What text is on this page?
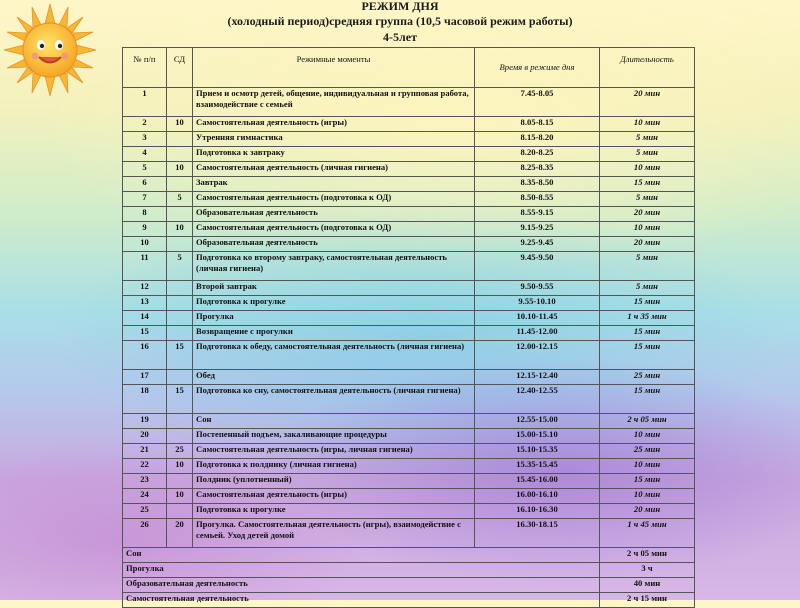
РЕЖИМ ДНЯ
(холодный период)средняя группа (10,5 часовой режим работы)
4-5лет
№ п/п	СД	Режимные моменты	Время в режиме дня	Длительность
1		Прием и осмотр детей, общение, индивидуальная и групповая работа, взаимодействие с семьей	7.45-8.05	20 мин
2	10	Самостоятельная деятельность (игры)	8.05-8.15	10 мин
3		Утренняя гимнастика	8.15-8.20	5 мин
4		Подготовка к завтраку	8.20-8.25	5 мин
5	10	Самостоятельная деятельность (личная гигиена)	8.25-8.35	10 мин
6		Завтрак	8.35-8.50	15 мин
7	5	Самостоятельная деятельность (подготовка к ОД)	8.50-8.55	5 мин
8		Образовательная деятельность	8.55-9.15	20 мин
9	10	Самостоятельная деятельность (подготовка к ОД)	9.15-9.25	10 мин
10		Образовательная деятельность	9.25-9.45	20 мин
11	5	Подготовка ко второму завтраку, самостоятельная деятельность (личная гигиена)	9.45-9.50	5 мин
12		Второй завтрак	9.50-9.55	5 мин
13		Подготовка к прогулке	9.55-10.10	15 мин
14		Прогулка	10.10-11.45	1 ч 35 мин
15		Возвращение с прогулки	11.45-12.00	15 мин
16	15	Подготовка к обеду, самостоятельная деятельность (личная гигиена)	12.00-12.15	15 мин
17		Обед	12.15-12.40	25 мин
18	15	Подготовка ко сну, самостоятельная деятельность (личная гигиена)	12.40-12.55	15 мин
19		Сон	12.55-15.00	2 ч 05 мин
20		Постепенный подъем, закаливающие процедуры	15.00-15.10	10 мин
21	25	Самостоятельная деятельность (игры, личная гигиена)	15.10-15.35	25 мин
22	10	Подготовка к полднику (личная гигиена)	15.35-15.45	10 мин
23		Полдник (уплотненный)	15.45-16.00	15 мин
24	10	Самостоятельная деятельность (игры)	16.00-16.10	10 мин
25		Подготовка к прогулке	16.10-16.30	20 мин
26	20	Прогулка. Самостоятельная деятельность (игры), взаимодействие с семьей. Уход детей домой	16.30-18.15	1 ч 45 мин
Сон				2 ч 05 мин
Прогулка				3 ч
Образовательная деятельность				40 мин
Самостоятельная деятельность				2 ч 15 мин
